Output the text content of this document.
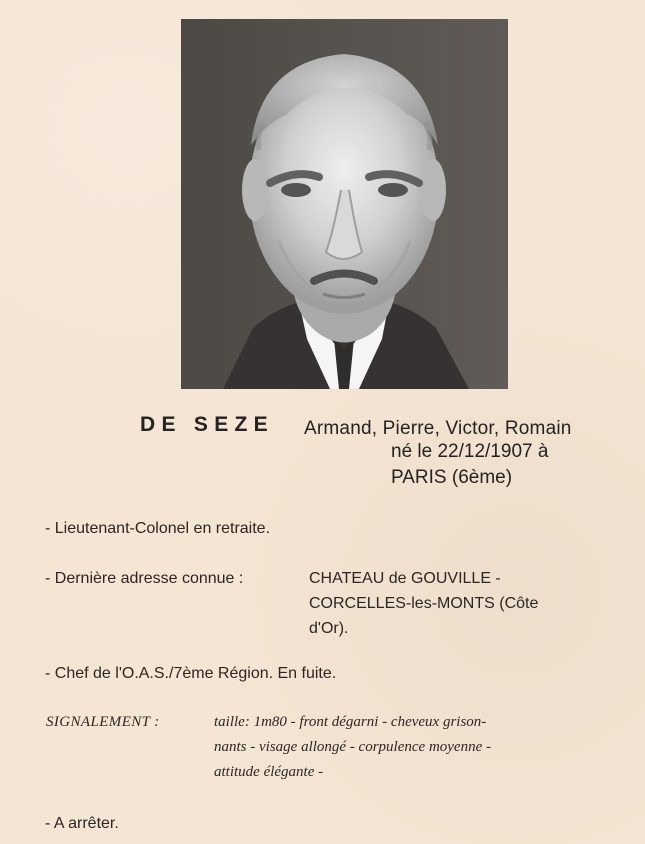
DE SEZE Armand, Pierre, Victor, Romain
né le 22/12/1907 à
PARIS (6ème)
- Lieutenant-Colonel en retraite.
- Dernière adresse connue :	CHATEAU de GOUVILLE -
CORCELLES-les-MONTS (Côte
d'Or).
- Chef de l'O.A.S./7ème Région. En fuite.
SIGNALEMENT :	taille: 1m80 - front dégarni - cheveux grison-
nants - visage allongé - corpulence moyenne -
attitude élégante -
- A arrêter.
